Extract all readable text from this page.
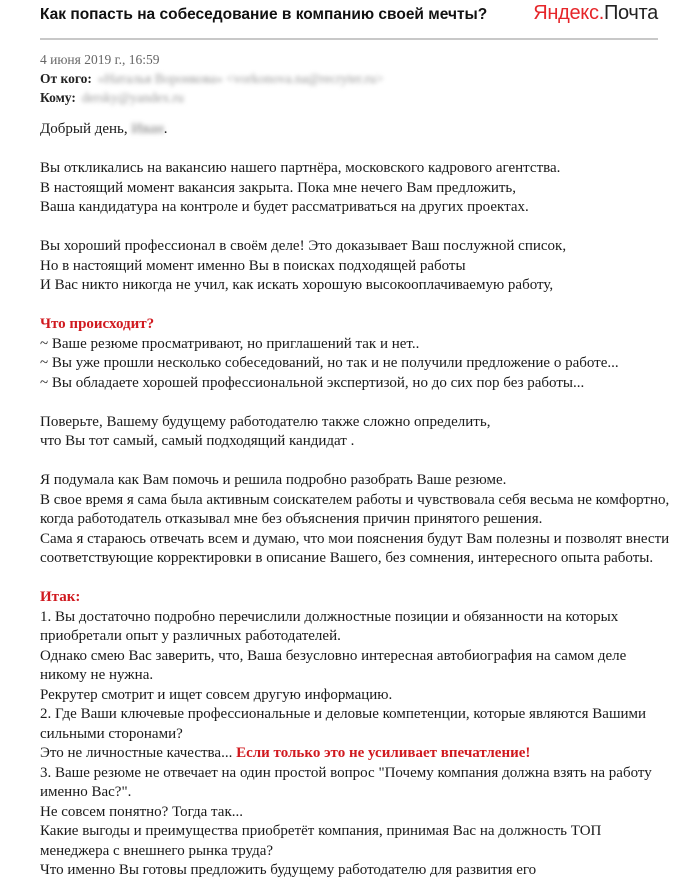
Как попасть на собеседование в компанию своей мечты? Яндекс.Почта
4 июня 2019 г., 16:59
От кого: «Наталья Воронкова» <vorkonova.na@recryter.ru>
Кому: dersky@yandex.ru

Добрый день, Иван.

Вы откликались на вакансию нашего партнёра, московского кадрового агентства.

В настоящий момент вакансия закрыта. Пока мне нечего Вам предложить,

Ваша кандидатура на контроле и будет рассматриваться на других проектах.

Вы хороший профессионал в своём деле! Это доказывает Ваш послужной список,

Но в настоящий момент именно Вы в поисках подходящей работы

И Вас никто никогда не учил, как искать хорошую высокооплачиваемую работу,

Что происходит?

~ Ваше резюме просматривают, но приглашений так и нет..

~ Вы уже прошли несколько собеседований, но так и не получили предложение о работе...

~ Вы обладаете хорошей профессиональной экспертизой, но до сих пор без работы...

Поверьте, Вашему будущему работодателю также сложно определить,

что Вы тот самый, самый подходящий кандидат .

Я подумала как Вам помочь и решила подробно разобрать Ваше резюме.

В свое время я сама была активным соискателем работы и чувствовала себя весьма не комфортно,

когда работодатель отказывал мне без объяснения причин принятого решения.

Сама я стараюсь отвечать всем и думаю, что мои пояснения будут Вам полезны и позволят внести соответствующие корректировки в описание Вашего, без сомнения, интересного опыта работы.

Итак:

1. Вы достаточно подробно перечислили должностные позиции и обязанности на которых приобретали опыт у различных работодателей.

Однако смею Вас заверить, что, Ваша безусловно интересная автобиография на самом деле никому не нужна.

Рекрутер смотрит и ищет совсем другую информацию.

2. Где Ваши ключевые профессиональные и деловые компетенции, которые являются Вашими сильными сторонами?

Это не личностные качества... Если только это не усиливает впечатление!

3. Ваше резюме не отвечает на один простой вопрос "Почему компания должна взять на работу именно Вас?".

Не совсем понятно? Тогда так...

Какие выгоды и преимущества приобретёт компания, принимая Вас на должность ТОП менеджера с внешнего рынка труда?

Что именно Вы готовы предложить будущему работодателю для развития его
